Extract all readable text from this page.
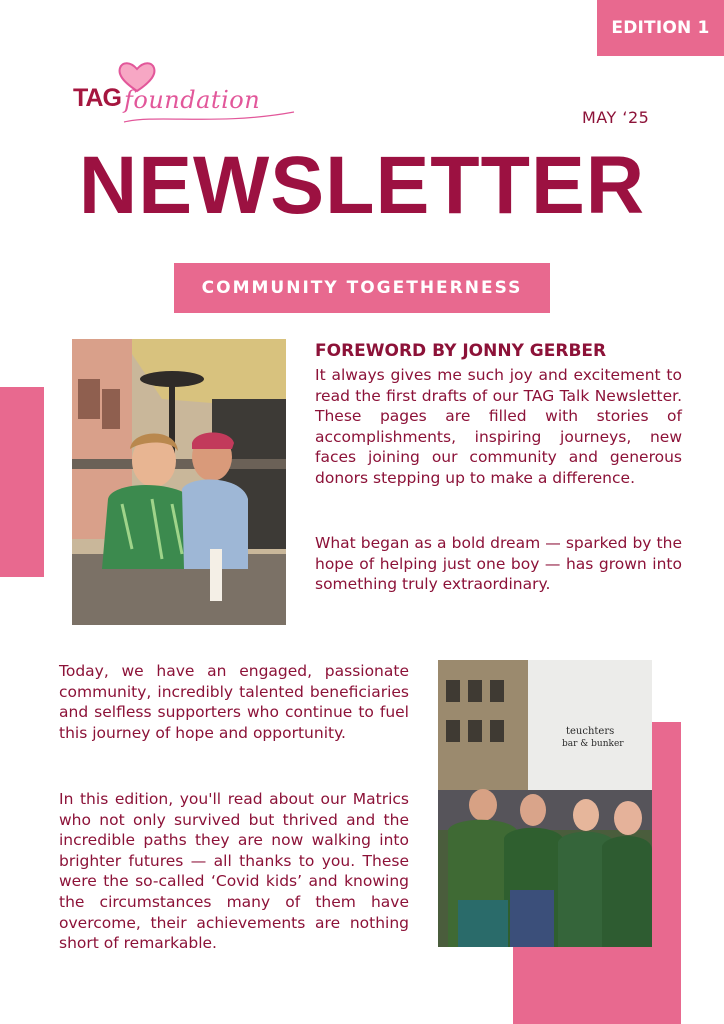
EDITION 1
TAG foundation
MAY ‘25
NEWSLETTER
COMMUNITY TOGETHERNESS
FOREWORD BY JONNY GERBER
It always gives me such joy and excitement to read the first drafts of our TAG Talk Newsletter. These pages are filled with stories of accomplishments, inspiring journeys, new faces joining our community and generous donors stepping up to make a difference.
What began as a bold dream — sparked by the hope of helping just one boy — has grown into something truly extraordinary.
Today, we have an engaged, passionate community, incredibly talented beneficiaries and selfless supporters who continue to fuel this journey of hope and opportunity.
In this edition, you'll read about our Matrics who not only survived but thrived and the incredible paths they are now walking into brighter futures — all thanks to you. These were the so-called ‘Covid kids’ and knowing the circumstances many of them have overcome, their achievements are nothing short of remarkable.
teuchters
bar & bunker
